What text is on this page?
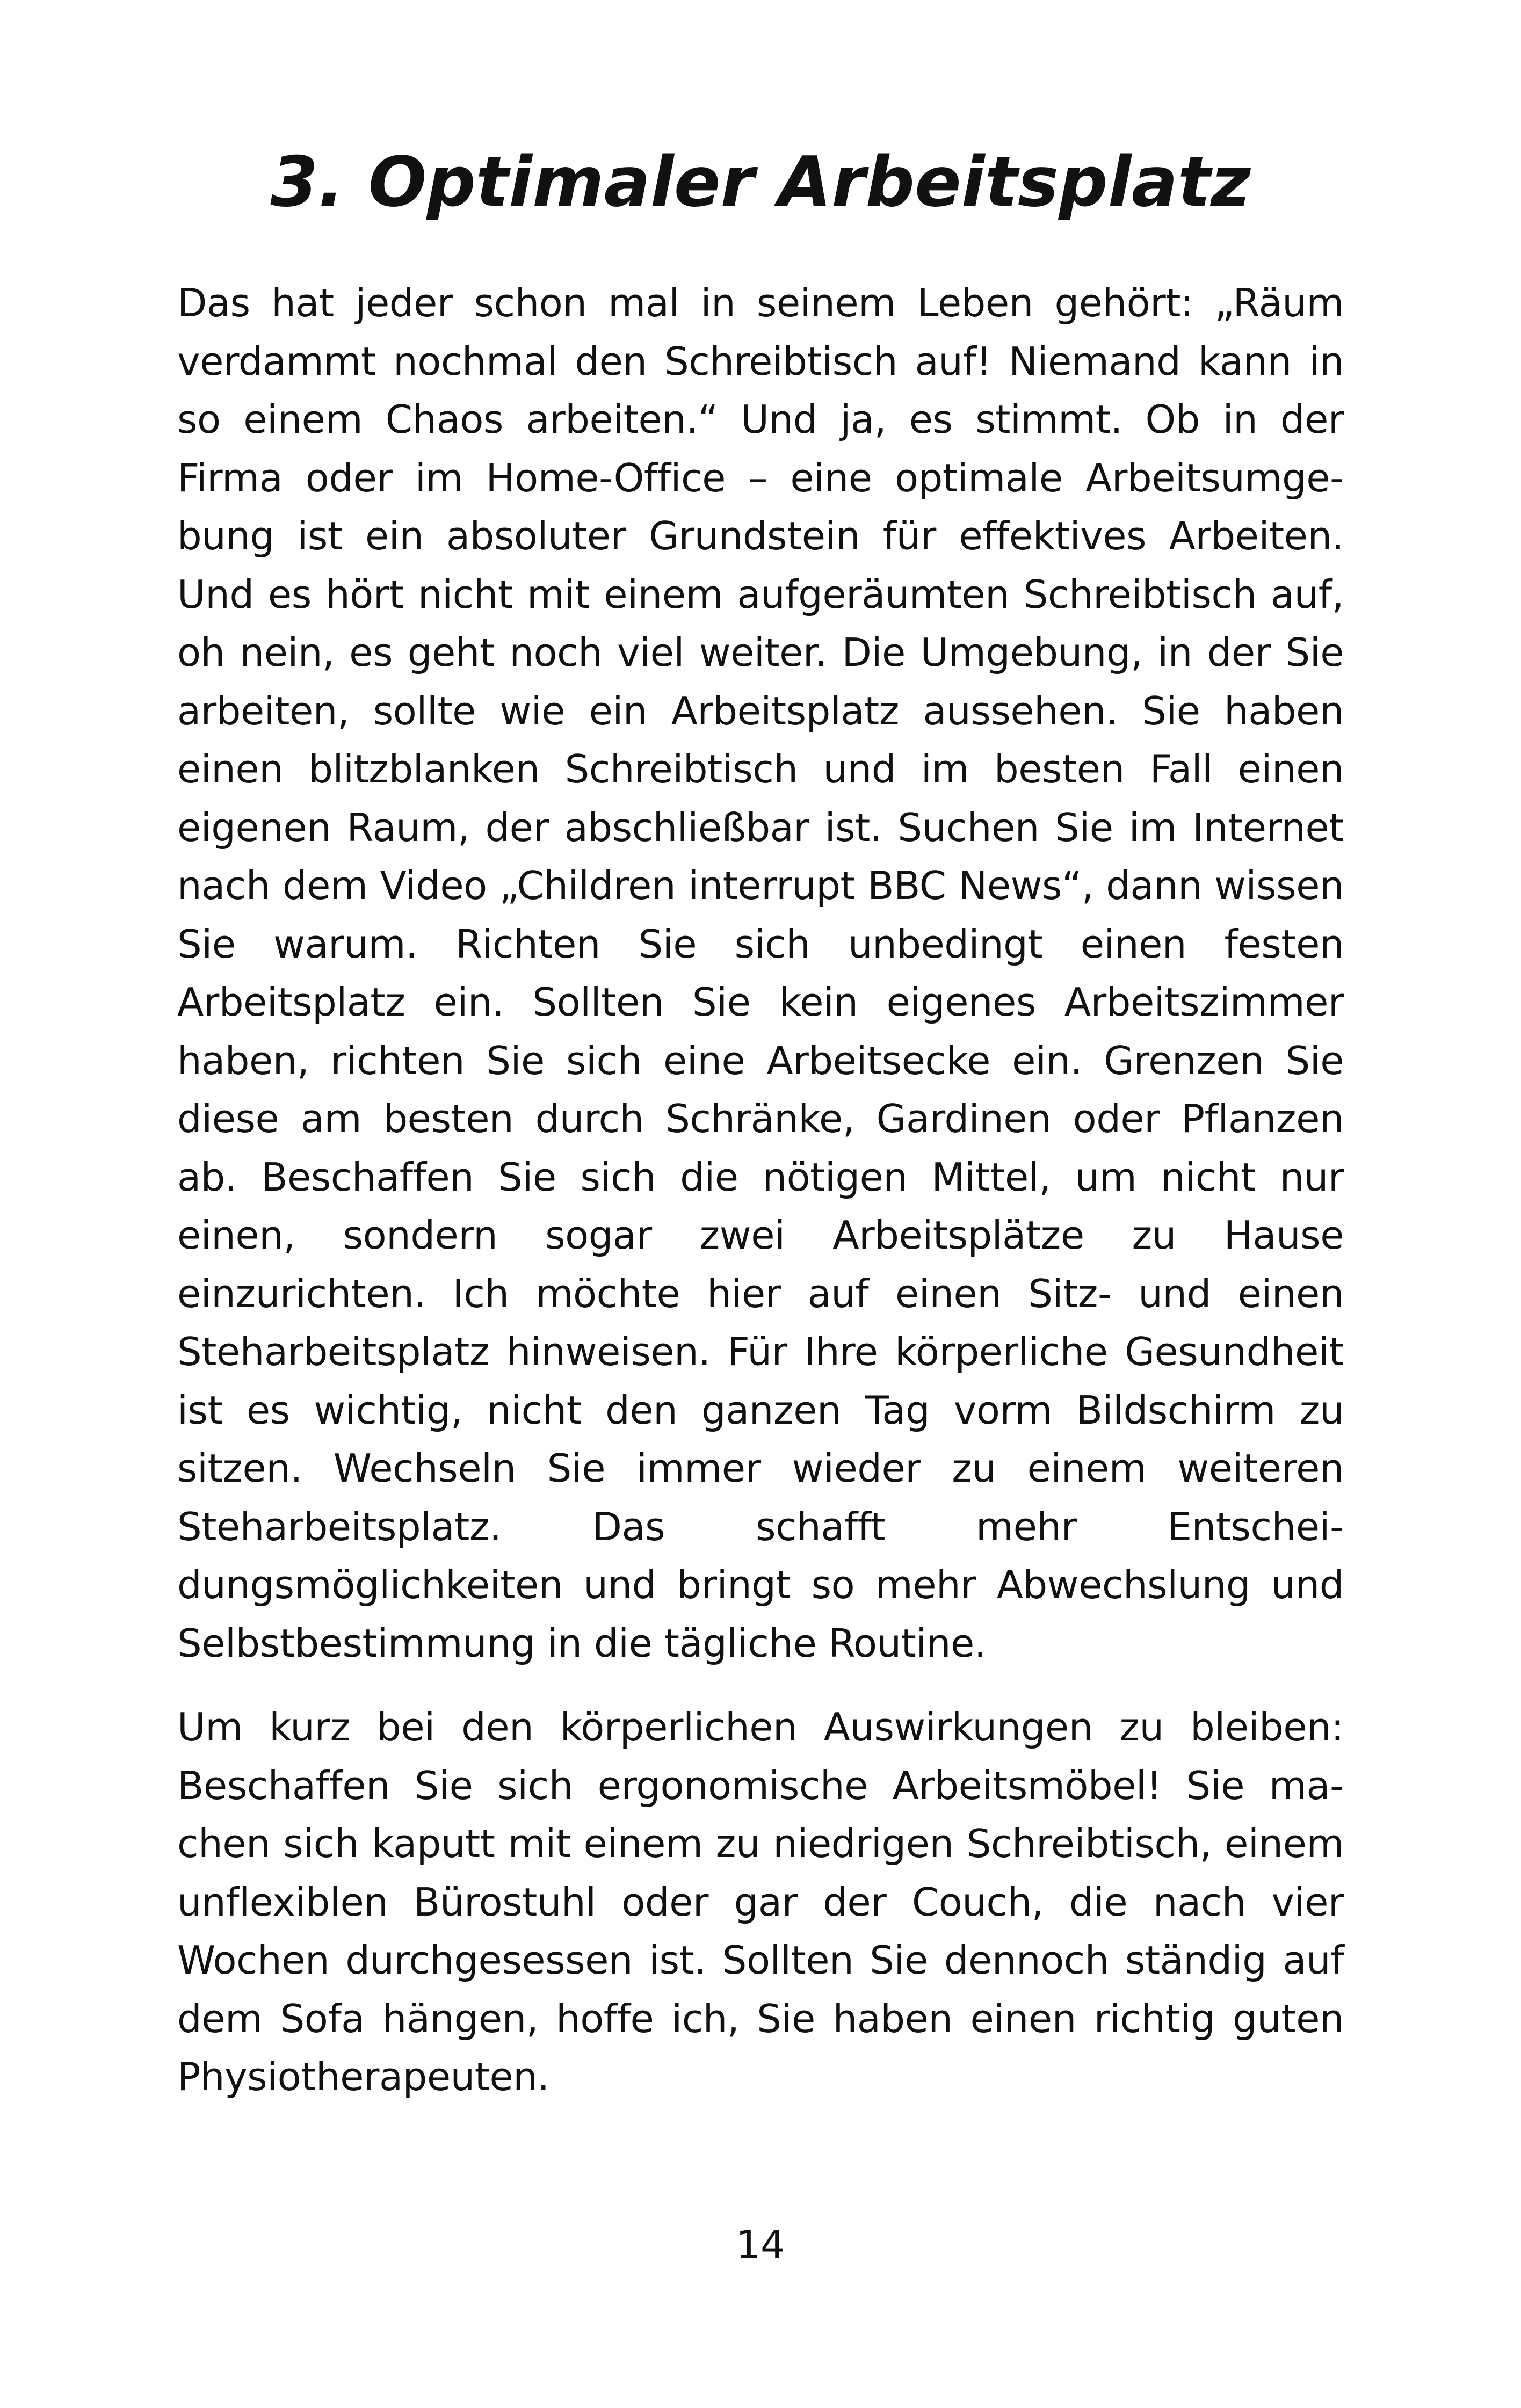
3. Optimaler Arbeitsplatz

Das hat jeder schon mal in seinem Leben gehört: „Räum verdammt nochmal den Schreibtisch auf! Niemand kann in so einem Chaos arbeiten.“ Und ja, es stimmt. Ob in der Firma oder im Home-Office – eine optimale Arbeitsumgebung ist ein absoluter Grundstein für effektives Arbeiten. Und es hört nicht mit einem aufgeräumten Schreibtisch auf, oh nein, es geht noch viel weiter. Die Umgebung, in der Sie arbeiten, sollte wie ein Arbeitsplatz aussehen. Sie haben einen blitzblanken Schreibtisch und im besten Fall einen eigenen Raum, der abschließbar ist. Suchen Sie im Internet nach dem Video „Children interrupt BBC News“, dann wissen Sie warum. Richten Sie sich unbedingt einen festen Arbeitsplatz ein. Sollten Sie kein eigenes Arbeitszimmer haben, richten Sie sich eine Arbeitsecke ein. Grenzen Sie diese am besten durch Schränke, Gardinen oder Pflanzen ab. Beschaffen Sie sich die nötigen Mittel, um nicht nur einen, sondern sogar zwei Arbeitsplätze zu Hause einzurichten. Ich möchte hier auf einen Sitz- und einen Steharbeitsplatz hinweisen. Für Ihre körperliche Gesundheit ist es wichtig, nicht den ganzen Tag vorm Bildschirm zu sitzen. Wechseln Sie immer wieder zu einem weiteren Steharbeitsplatz. Das schafft mehr Entscheidungsmöglichkeiten und bringt so mehr Abwechslung und Selbstbestimmung in die tägliche Routine.

Um kurz bei den körperlichen Auswirkungen zu bleiben: Beschaffen Sie sich ergonomische Arbeitsmöbel! Sie machen sich kaputt mit einem zu niedrigen Schreibtisch, einem unflexiblen Bürostuhl oder gar der Couch, die nach vier Wochen durchgesessen ist. Sollten Sie dennoch ständig auf dem Sofa hängen, hoffe ich, Sie haben einen richtig guten Physiotherapeuten.

14
